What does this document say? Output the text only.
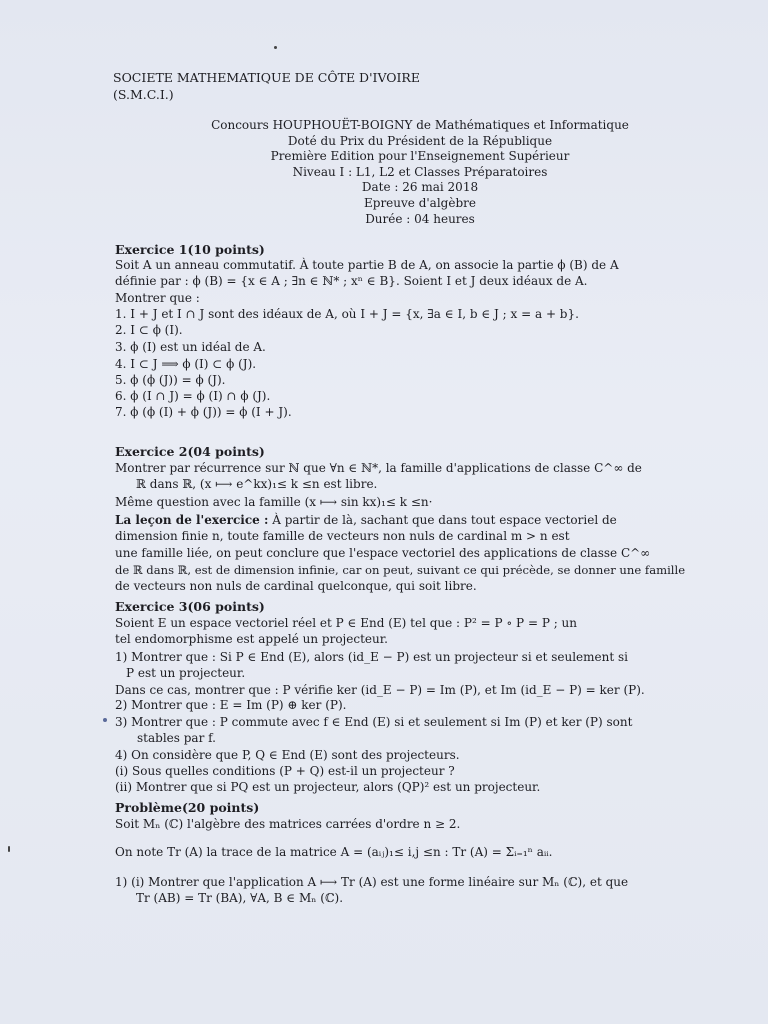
SOCIETE MATHEMATIQUE DE CÔTE D'IVOIRE
(S.M.C.I.)
Concours HOUPHOUËT-BOIGNY de Mathématiques et Informatique
Doté du Prix du Président de la République
Première Edition pour l'Enseignement Supérieur
Niveau I : L1, L2 et Classes Préparatoires
Date : 26 mai 2018
Epreuve d'algèbre
Durée : 04 heures
Exercice 1(10 points)
Soit A un anneau commutatif. À toute partie B de A, on associe la partie ϕ (B) de A
définie par : ϕ (B) = {x ∈ A ; ∃n ∈ ℕ* ; xⁿ ∈ B}. Soient I et J deux idéaux de A.
Montrer que :
1. I + J et I ∩ J sont des idéaux de A, où I + J = {x, ∃a ∈ I, b ∈ J ; x = a + b}.
2. I ⊂ ϕ (I).
3. ϕ (I) est un idéal de A.
4. I ⊂ J ⟹ ϕ (I) ⊂ ϕ (J).
5. ϕ (ϕ (J)) = ϕ (J).
6. ϕ (I ∩ J) = ϕ (I) ∩ ϕ (J).
7. ϕ (ϕ (I) + ϕ (J)) = ϕ (I + J).
Exercice 2(04 points)
Montrer par récurrence sur ℕ que ∀n ∈ ℕ*, la famille d'applications de classe C^∞ de
ℝ dans ℝ, (x ⟼ e^kx)₁≤ k ≤n est libre.
Même question avec la famille (x ⟼ sin kx)₁≤ k ≤n·
La leçon de l'exercice : À partir de là, sachant que dans tout espace vectoriel de
dimension finie n, toute famille de vecteurs non nuls de cardinal m > n est
une famille liée, on peut conclure que l'espace vectoriel des applications de classe C^∞
de ℝ dans ℝ, est de dimension infinie, car on peut, suivant ce qui précède, se donner une famille
de vecteurs non nuls de cardinal quelconque, qui soit libre.
Exercice 3(06 points)
Soient E un espace vectoriel réel et P ∈ End (E) tel que : P² = P ∘ P = P ; un
tel endomorphisme est appelé un projecteur.
1) Montrer que : Si P ∈ End (E), alors (id_E − P) est un projecteur si et seulement si
P est un projecteur.
Dans ce cas, montrer que : P vérifie ker (id_E − P) = Im (P), et Im (id_E − P) = ker (P).
2) Montrer que : E = Im (P) ⊕ ker (P).
3) Montrer que : P commute avec f ∈ End (E) si et seulement si Im (P) et ker (P) sont
stables par f.
4) On considère que P, Q ∈ End (E) sont des projecteurs.
(i) Sous quelles conditions (P + Q) est-il un projecteur ?
(ii) Montrer que si PQ est un projecteur, alors (QP)² est un projecteur.
Problème(20 points)
Soit Mₙ (ℂ) l'algèbre des matrices carrées d'ordre n ≥ 2.
On note Tr (A) la trace de la matrice A = (aᵢⱼ)₁≤ i,j ≤n : Tr (A) = Σᵢ₌₁ⁿ aᵢᵢ.
1) (i) Montrer que l'application A ⟼ Tr (A) est une forme linéaire sur Mₙ (ℂ), et que
Tr (AB) = Tr (BA), ∀A, B ∈ Mₙ (ℂ).
